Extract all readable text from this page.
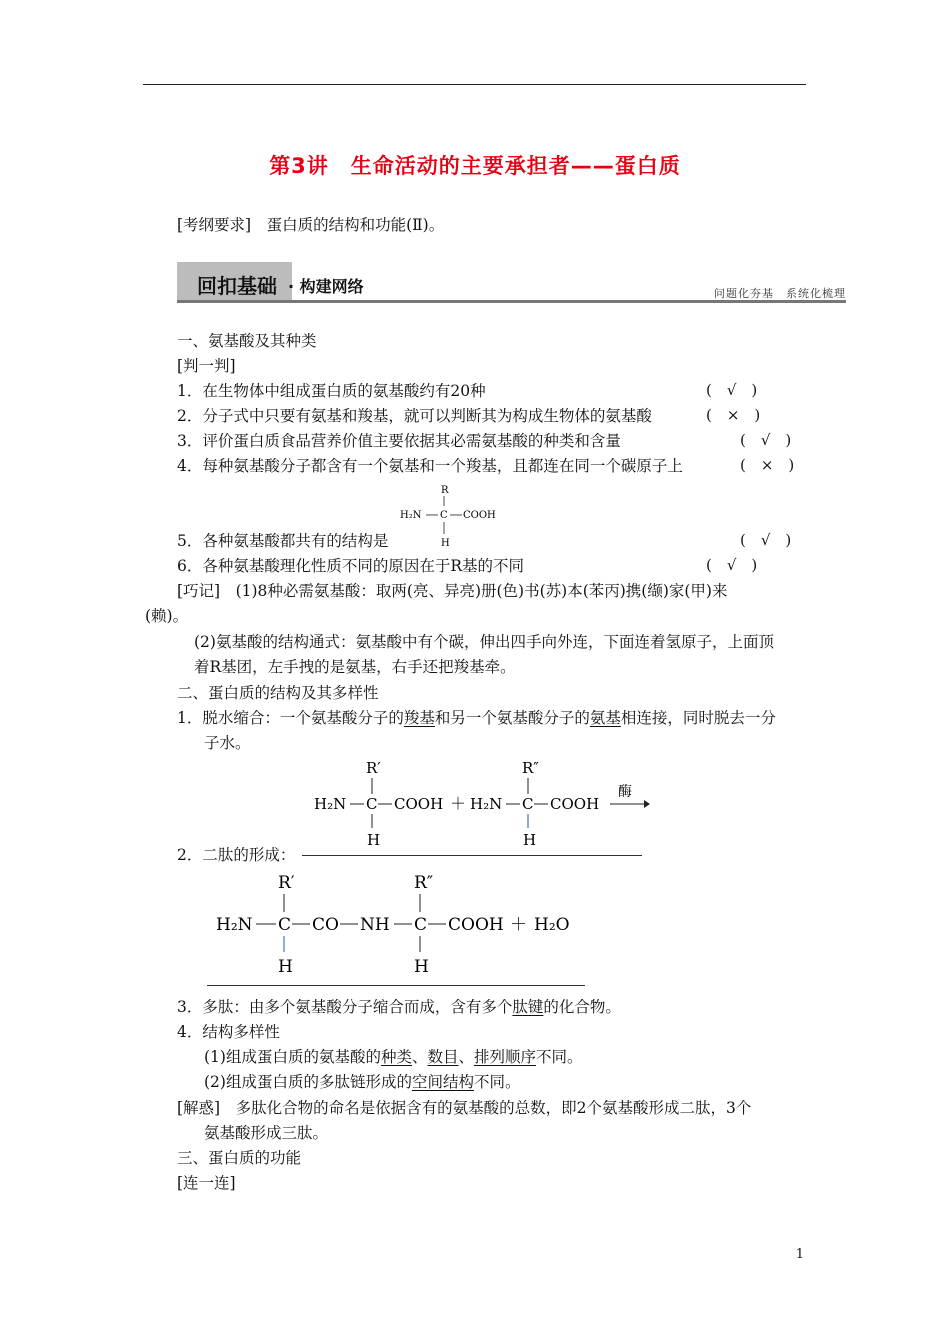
第3讲　生命活动的主要承担者——蛋白质
[考纲要求]　蛋白质的结构和功能(Ⅱ)。
回扣基础 · 构建网络	问题化夯基　系统化梳理
一、氨基酸及其种类
[判一判]
1．在生物体中组成蛋白质的氨基酸约有20种	(　√　)
2．分子式中只要有氨基和羧基，就可以判断其为构成生物体的氨基酸	(　×　)
3．评价蛋白质食品营养价值主要依据其必需氨基酸的种类和含量	(　√　)
4．每种氨基酸分子都含有一个氨基和一个羧基，且都连在同一个碳原子上	(　×　)
R
H₂N C COOH
H
5．各种氨基酸都共有的结构是	(　√　)
6．各种氨基酸理化性质不同的原因在于R基的不同	(　√　)
[巧记]　(1)8种必需氨基酸：取两(亮、异亮)册(色)书(苏)本(苯丙)携(缬)家(甲)来
(赖)。
(2)氨基酸的结构通式：氨基酸中有个碳，伸出四手向外连，下面连着氢原子，上面顶
着R基团，左手拽的是氨基，右手还把羧基牵。
二、蛋白质的结构及其多样性
1．脱水缩合：一个氨基酸分子的羧基和另一个氨基酸分子的氨基相连接，同时脱去一分
子水。
R′
H₂N C COOH
H
＋
R″
H₂N C COOH
H
酶
2．二肽的形成：
R′
H₂N C CO NH C COOH ＋ H₂O
R″
H	H
3．多肽：由多个氨基酸分子缩合而成，含有多个肽键的化合物。
4．结构多样性
(1)组成蛋白质的氨基酸的种类、数目、排列顺序不同。
(2)组成蛋白质的多肽链形成的空间结构不同。
[解惑]　多肽化合物的命名是依据含有的氨基酸的总数，即2个氨基酸形成二肽，3个
氨基酸形成三肽。
三、蛋白质的功能
[连一连]
1
